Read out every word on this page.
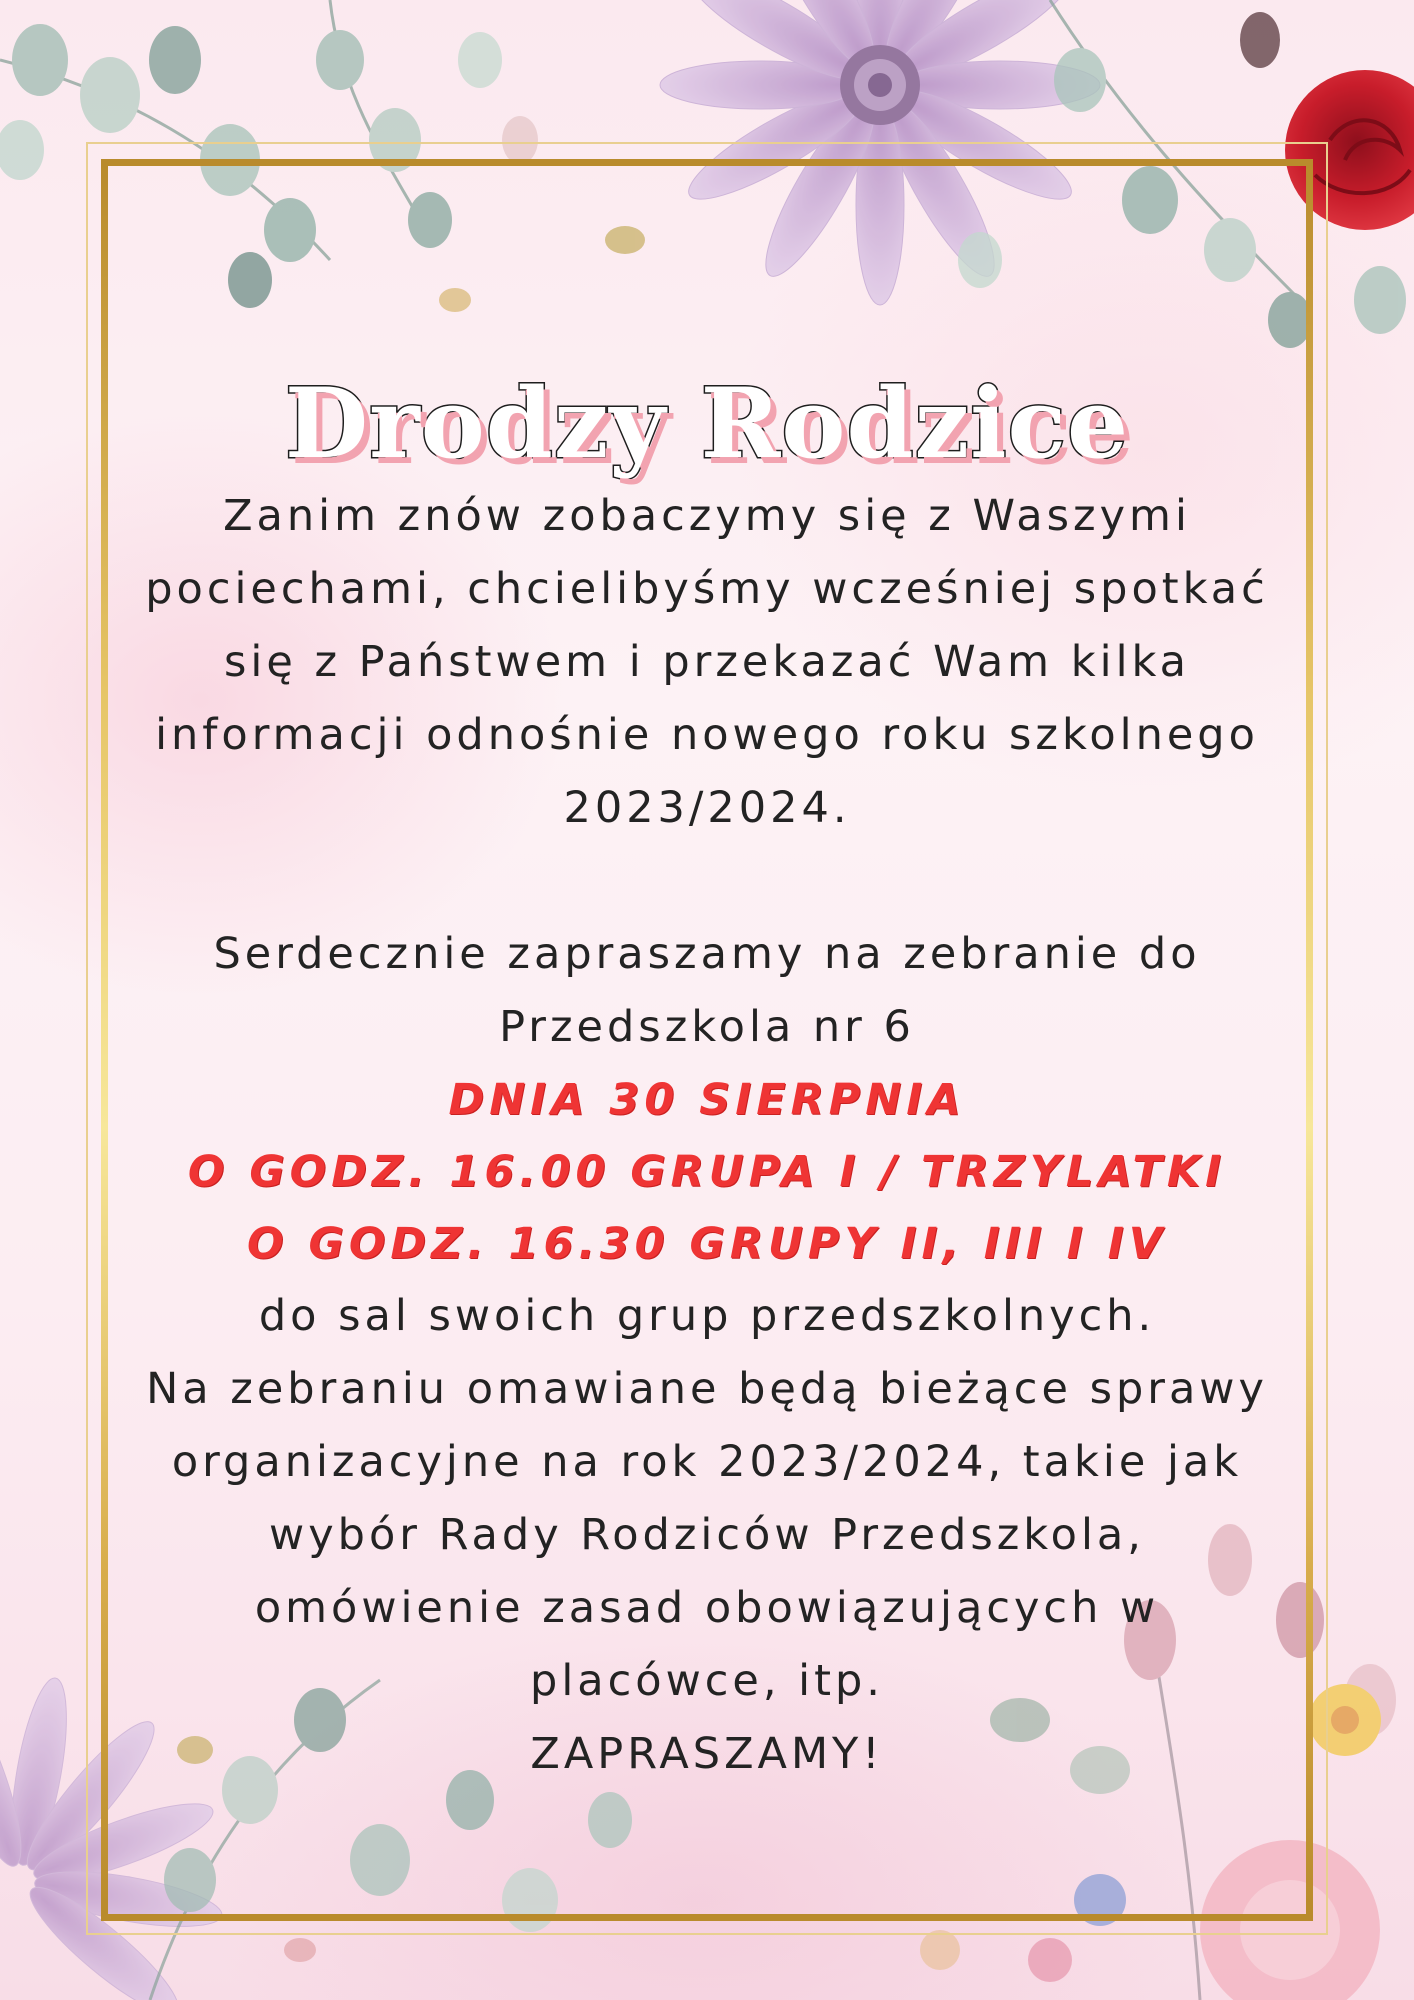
Drodzy Rodzice

Zanim znów zobaczymy się z Waszymi

pociechami, chcielibyśmy wcześniej spotkać

się z Państwem i przekazać Wam kilka

informacji odnośnie nowego roku szkolnego

2023/2024.

Serdecznie zapraszamy na zebranie do

Przedszkola nr 6

DNIA 30 SIERPNIA

O GODZ. 16.00 GRUPA I / TRZYLATKI

O GODZ. 16.30 GRUPY II, III I IV

do sal swoich grup przedszkolnych.

Na zebraniu omawiane będą bieżące sprawy

organizacyjne na rok 2023/2024, takie jak

wybór Rady Rodziców Przedszkola,

omówienie zasad obowiązujących w

placówce, itp.

ZAPRASZAMY!
